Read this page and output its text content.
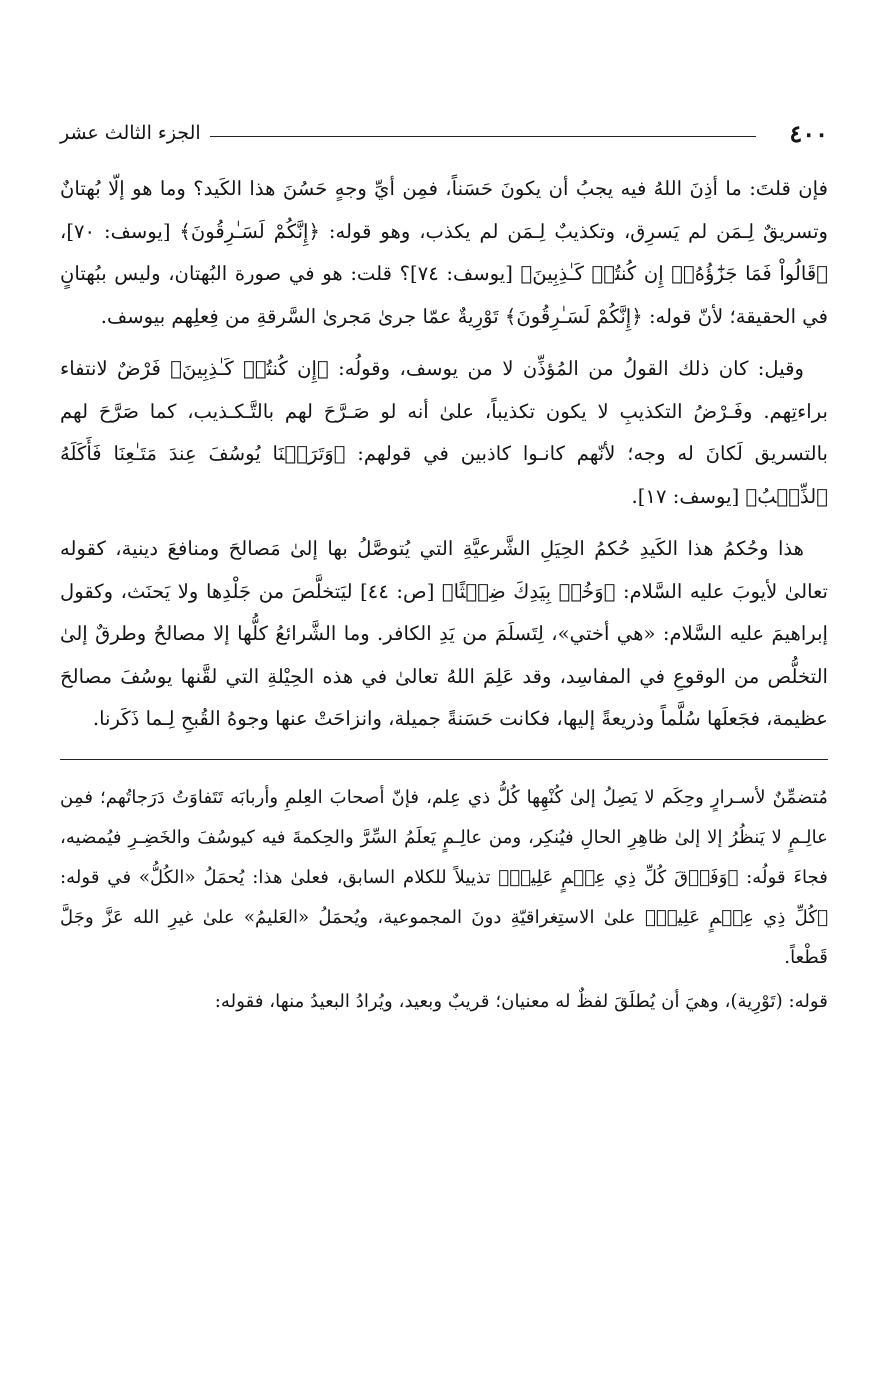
٤٠٠
الجزء الثالث عشر

فإن قلتَ: ما أذِنَ اللهُ فيه يجبُ أن يكونَ حَسَناً، فمِن أيِّ وجهٍ حَسُنَ هذا الكَيد؟ وما هو إلّا بُهتانٌ وتسريقٌ لِـمَن لم يَسرِق، وتكذيبٌ لِـمَن لم يكذب، وهو قوله: ﴿إِنَّكُمْ لَسَـٰرِقُونَ﴾ [يوسف: ٧٠]، ﴿قَالُواْ فَمَا جَزَٰٓؤُهُۥٓ إِن كُنتُمۡ كَـٰذِبِينَ﴾ [يوسف: ٧٤]؟ قلت: هو في صورة البُهتان، وليس ببُهتانٍ في الحقيقة؛ لأنّ قوله: ﴿إِنَّكُمْ لَسَـٰرِقُونَ﴾ تَوْرِيةٌ عمّا جرىٰ مَجرىٰ السَّرقةِ من فِعلِهم بيوسف.

وقيل: كان ذلك القولُ من المُؤذِّن لا من يوسف، وقولُه: ﴿إِن كُنتُمۡ كَـٰذِبِينَ﴾ فَرْضٌ لانتفاء براءتِهم. وفَـرْضُ التكذيبِ لا يكون تكذيباً، علىٰ أنه لو صَـرَّحَ لهم بالتَّـكـذيب، كما صَرَّحَ لهم بالتسريق لَكانَ له وجه؛ لأنّهم كانـوا كاذبين في قولهم: ﴿وَتَرَكۡنَا يُوسُفَ عِندَ مَتَـٰعِنَا فَأَكَلَهُ ٱلذِّئۡبُ﴾ [يوسف: ١٧].

هذا وحُكمُ هذا الكَيدِ حُكمُ الحِيَلِ الشَّرعيَّةِ التي يُتوصَّلُ بها إلىٰ مَصالحَ ومنافعَ دينية، كقوله تعالىٰ لأيوبَ عليه السَّلام: ﴿وَخُذۡ بِيَدِكَ ضِغۡثًا﴾ [ص: ٤٤] ليَتخلَّصَ من جَلْدِها ولا يَحنَث، وكقول إبراهيمَ عليه السَّلام: «هي أختي»، لِتَسلَمَ من يَدِ الكافر. وما الشَّرائعُ كلُّها إلا مصالحُ وطرقٌ إلىٰ التخلُّص من الوقوعِ في المفاسِد، وقد عَلِمَ اللهُ تعالىٰ في هذه الحِيْلةِ التي لقَّنها يوسُفَ مصالحَ عظيمة، فجَعلَها سُلَّماً وذريعةً إليها، فكانت حَسَنةً جميلة، وانزاحَتْ عنها وجوهُ القُبحِ لِـما ذَكَرنا.

مُتضمِّنٌ لأسـرارٍ وحِكَم لا يَصِلُ إلىٰ كُنْهِها كُلُّ ذي عِلم، فإنّ أصحابَ العِلمِ وأربابَه تَتَفاوَتُ دَرَجاتُهم؛ فمِن عالِـمٍ لا يَنظُرُ إلا إلىٰ ظاهِرِ الحالِ فيُنكِر، ومن عالِـمٍ يَعلَمُ السِّرَّ والحِكمةَ فيه كيوسُفَ والخَضِـرِ فيُمضيه، فجاءَ قولُه: ﴿وَفَوۡقَ كُلِّ ذِي عِلۡمٍ عَلِيمٞ﴾ تذييلاً للكلام السابق، فعلىٰ هذا: يُحمَلُ «الكُلُّ» في قوله: ﴿كُلِّ ذِي عِلۡمٍ عَلِيمٞ﴾ علىٰ الاستِغراقيّةِ دونَ المجموعية، ويُحمَلُ «العَليمُ» علىٰ غيرِ الله عَزَّ وجَلَّ قَطْعاً.

قوله: (تَوْرِية)، وهيَ أن يُطلَقَ لفظٌ له معنيان؛ قريبٌ وبعيد، ويُرادُ البعيدُ منها، فقوله:
